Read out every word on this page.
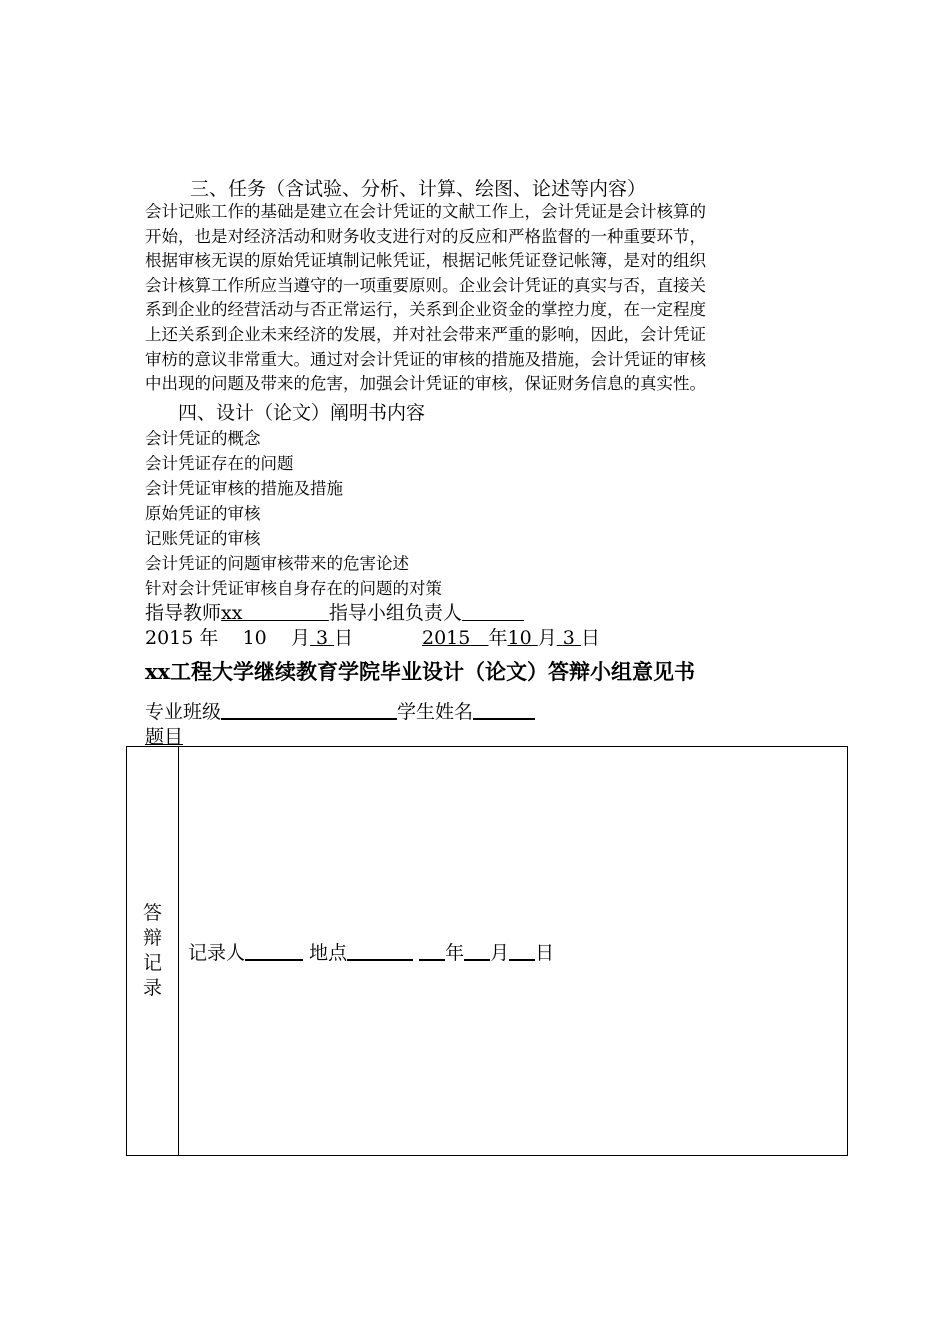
三、任务（含试验、分析、计算、绘图、论述等内容）
会计记账工作的基础是建立在会计凭证的文献工作上，会计凭证是会计核算的
开始，也是对经济活动和财务收支进行对的反应和严格监督的一种重要环节，
根据审核无误的原始凭证填制记帐凭证，根据记帐凭证登记帐簿，是对的组织
会计核算工作所应当遵守的一项重要原则。企业会计凭证的真实与否，直接关
系到企业的经营活动与否正常运行，关系到企业资金的掌控力度，在一定程度
上还关系到企业未来经济的发展，并对社会带来严重的影响，因此，会计凭证
审枋的意议非常重大。通过对会计凭证的审核的措施及措施，会计凭证的审核
中出现的问题及带来的危害，加强会计凭证的审核，保证财务信息的真实性。
四、设计（论文）阐明书内容
会计凭证的概念
会计凭证存在的问题
会计凭证审核的措施及措施
原始凭证的审核
记账凭证的审核
会计凭证的问题审核带来的危害论述
针对会计凭证审核自身存在的问题的对策
指导教师xx 	指导小组负责人
2015 年 10 月 3 日	2015 年10 月 3 日
xx工程大学继续教育学院毕业设计（论文）答辩小组意见书
专业班级	学生姓名
题目
答
辩
记
录
	记录人	地点	年 月 日
